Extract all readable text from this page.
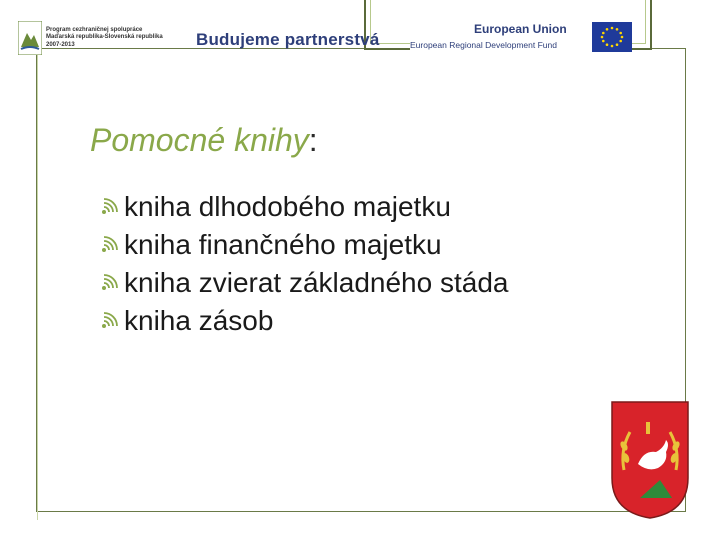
Program cezhraničnej spolupráce
Maďarská republika-Slovenská republika
2007-2013	Budujeme partnerstvá
European Union
European Regional Development Fund
Pomocné knihy:
kniha dlhodobého majetku
kniha finančného majetku
kniha zvierat základného stáda
kniha zásob
